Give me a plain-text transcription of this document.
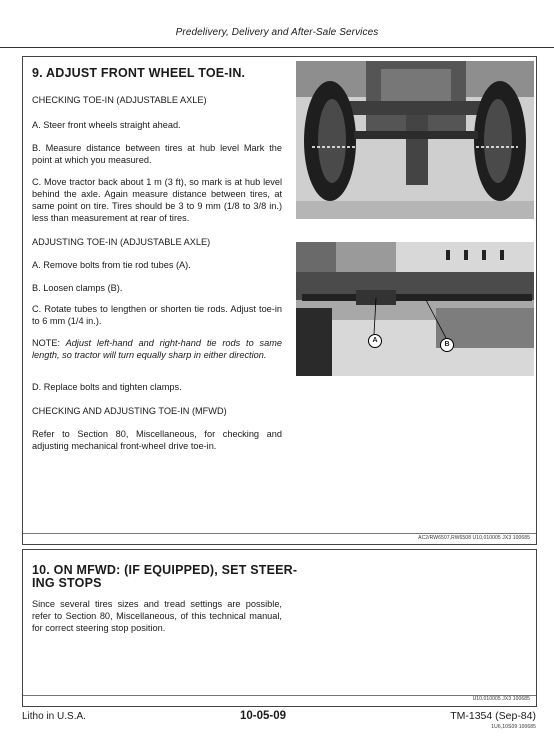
Predelivery, Delivery and After-Sale Services
9. ADJUST FRONT WHEEL TOE-IN.
CHECKING TOE-IN (ADJUSTABLE AXLE)
A. Steer front wheels straight ahead.
B. Measure distance between tires at hub level Mark the point at which you measured.
C. Move tractor back about 1 m (3 ft), so mark is at hub level behind the axle. Again measure distance between tires, at same point on tire. Tires should be 3 to 9 mm (1/8 to 3/8 in.) less than measurement at rear of tires.
ADJUSTING TOE-IN (ADJUSTABLE AXLE)
A. Remove bolts from tie rod tubes (A).
B. Loosen clamps (B).
C. Rotate tubes to lengthen or shorten tie rods. Adjust toe-in to 6 mm (1/4 in.).
NOTE: Adjust left-hand and right-hand tie rods to same length, so tractor will turn equally sharp in either direction.
D. Replace bolts and tighten clamps.
CHECKING AND ADJUSTING TOE-IN (MFWD)
Refer to Section 80, Miscellaneous, for checking and adjusting mechanical front-wheel drive toe-in.
A
B
AC2/RW6507,RW6508 U10,010005 JX3 100685
10. ON MFWD: (IF EQUIPPED), SET STEER-
ING STOPS
Since several tires sizes and tread settings are possible, refer to Section 80, Miscellaneous, of this technical manual, for correct steering stop position.
U10,010005 JX3 100685
Litho in U.S.A.	10-05-09	TM-1354 (Sep-84)
1U6,10S09 100685
